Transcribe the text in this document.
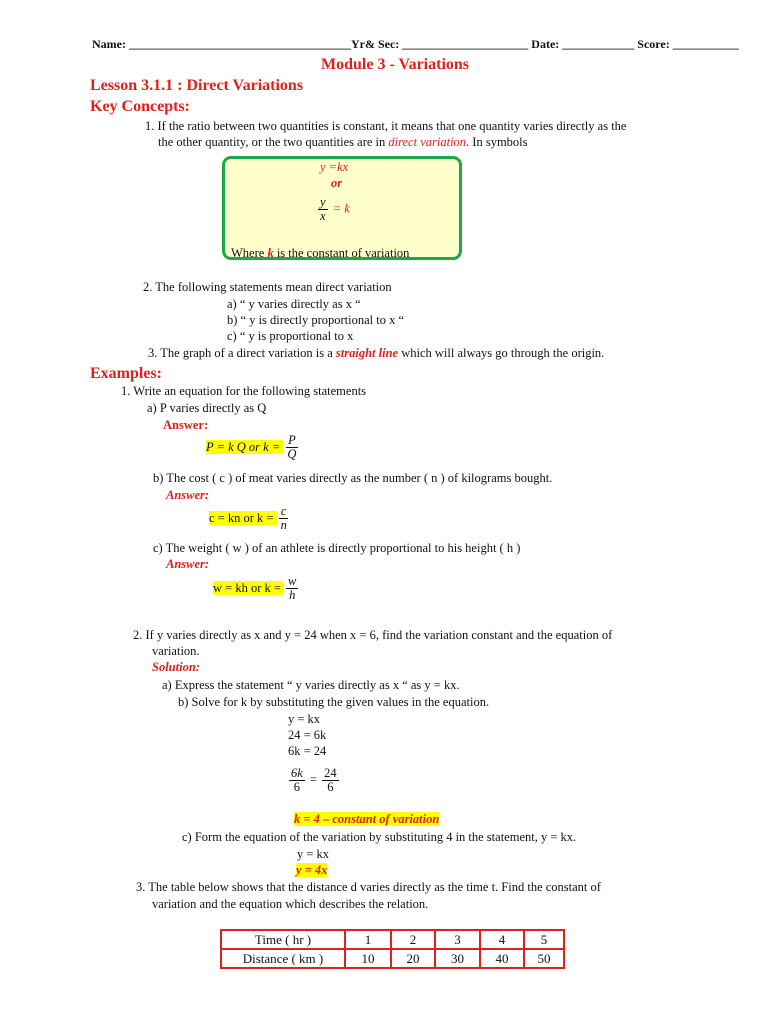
Name: _____________________________________Yr& Sec: _____________________ Date: ____________ Score: ___________
Module 3 - Variations
Lesson 3.1.1 : Direct Variations
Key Concepts:
1. If the ratio between two quantities is constant, it means that one quantity varies directly as the
the other quantity, or the two quantities are in direct variation. In symbols
y =kx
or
$\frac{y}{x} = k$
Where k is the constant of variation
2. The following statements mean direct variation
a) “ y varies directly as x “
b) “ y is directly proportional to x “
c) “ y is proportional to x
3. The graph of a direct variation is a straight line which will always go through the origin.
Examples:
1. Write an equation for the following statements
a) P varies directly as Q
Answer:
P = k Q or $k = \frac{P}{Q}$
b) The cost ( c ) of meat varies directly as the number ( n ) of kilograms bought.
Answer:
c = kn or $k = \frac{c}{n}$
c) The weight ( w ) of an athlete is directly proportional to his height ( h )
Answer:
w = kh or $k = \frac{w}{h}$
2. If y varies directly as x and y = 24 when x = 6, find the variation constant and the equation of
variation.
Solution:
a) Express the statement “ y varies directly as x “ as y = kx.
b) Solve for k by substituting the given values in the equation.
y = kx
24 = 6k
6k = 24
$\frac{6k}{6} = \frac{24}{6}$
k = 4 – constant of variation
c) Form the equation of the variation by substituting 4 in the statement, y = kx.
y = kx
y = 4x
3. The table below shows that the distance d varies directly as the time t. Find the constant of
variation and the equation which describes the relation.
Time ( hr )	1	2	3	4	5
Distance ( km )	10	20	30	40	50
